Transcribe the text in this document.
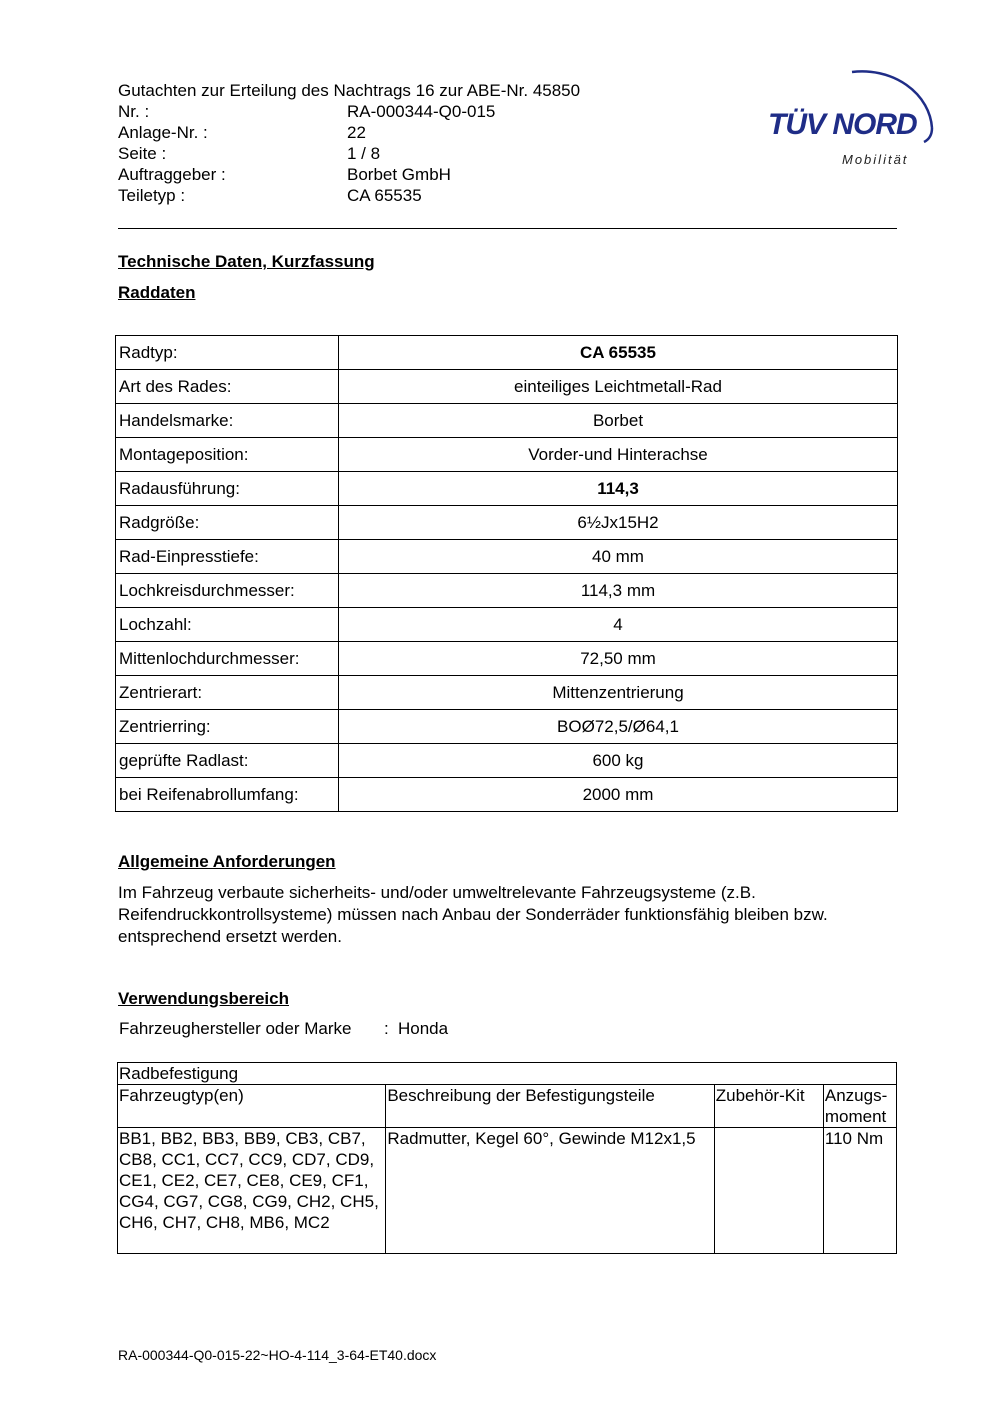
Gutachten zur Erteilung des Nachtrags 16 zur ABE-Nr. 45850
Nr. :	RA-000344-Q0-015
Anlage-Nr. :	22
Seite :	1 / 8
Auftraggeber :	Borbet GmbH
Teiletyp :	CA 65535
TÜV NORD
Mobilität
Technische Daten, Kurzfassung
Raddaten
Radtyp:	CA 65535
Art des Rades:	einteiliges Leichtmetall-Rad
Handelsmarke:	Borbet
Montageposition:	Vorder-und Hinterachse
Radausführung:	114,3
Radgröße:	6½Jx15H2
Rad-Einpresstiefe:	40 mm
Lochkreisdurchmesser:	114,3 mm
Lochzahl:	4
Mittenlochdurchmesser:	72,50 mm
Zentrierart:	Mittenzentrierung
Zentrierring:	BOØ72,5/Ø64,1
geprüfte Radlast:	600 kg
bei Reifenabrollumfang:	2000 mm
Allgemeine Anforderungen
Im Fahrzeug verbaute sicherheits- und/oder umweltrelevante Fahrzeugsysteme (z.B. Reifendruckkontrollsysteme) müssen nach Anbau der Sonderräder funktionsfähig bleiben bzw. entsprechend ersetzt werden.
Verwendungsbereich
Fahrzeughersteller oder Marke : Honda
Radbefestigung			
Fahrzeugtyp(en)	Beschreibung der Befestigungsteile	Zubehör-Kit	Anzugs-moment
BB1, BB2, BB3, BB9, CB3, CB7, CB8, CC1, CC7, CC9, CD7, CD9, CE1, CE2, CE7, CE8, CE9, CF1, CG4, CG7, CG8, CG9, CH2, CH5, CH6, CH7, CH8, MB6, MC2	Radmutter, Kegel 60°, Gewinde M12x1,5		110 Nm
RA-000344-Q0-015-22~HO-4-114_3-64-ET40.docx
